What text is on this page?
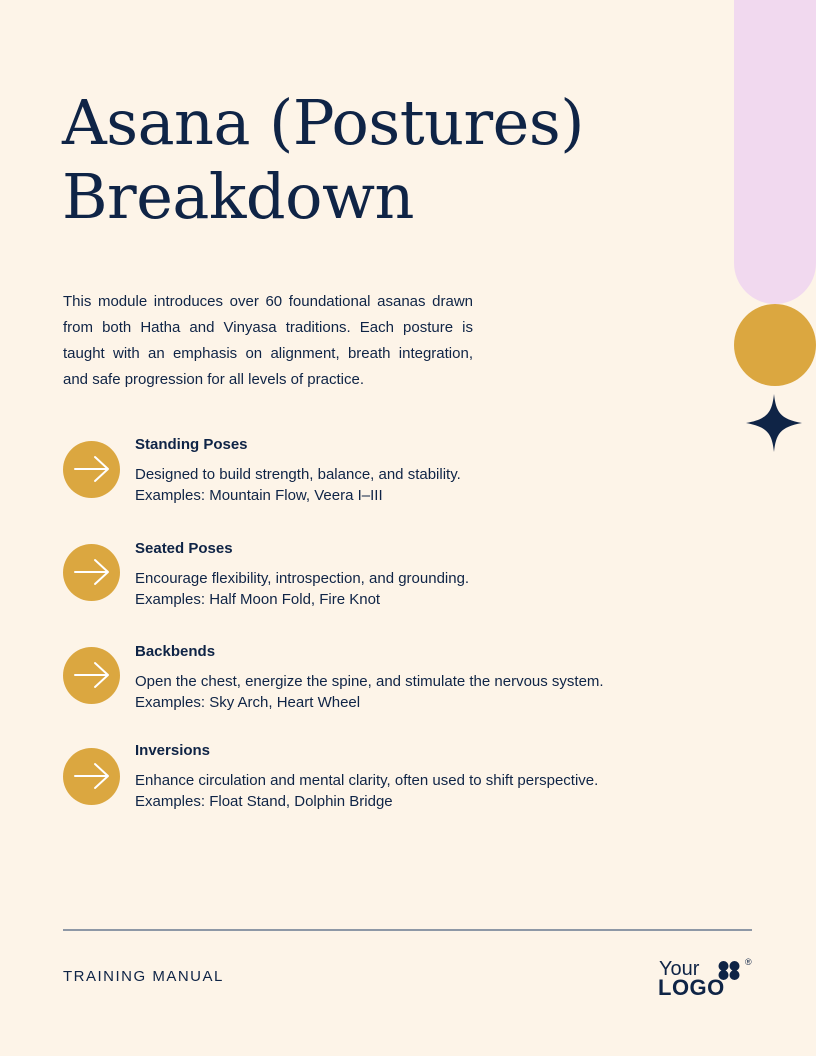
Asana (Postures)
Breakdown

This module introduces over 60 foundational asanas drawn from both Hatha and Vinyasa traditions. Each posture is taught with an emphasis on alignment, breath integration, and safe progression for all levels of practice.

Standing Poses
Designed to build strength, balance, and stability.
Examples: Mountain Flow, Veera I–III
Seated Poses
Encourage flexibility, introspection, and grounding.
Examples: Half Moon Fold, Fire Knot
Backbends
Open the chest, energize the spine, and stimulate the nervous system.
Examples: Sky Arch, Heart Wheel
Inversions
Enhance circulation and mental clarity, often used to shift perspective.
Examples: Float Stand, Dolphin Bridge
TRAINING MANUAL	Your	®
LOGO
